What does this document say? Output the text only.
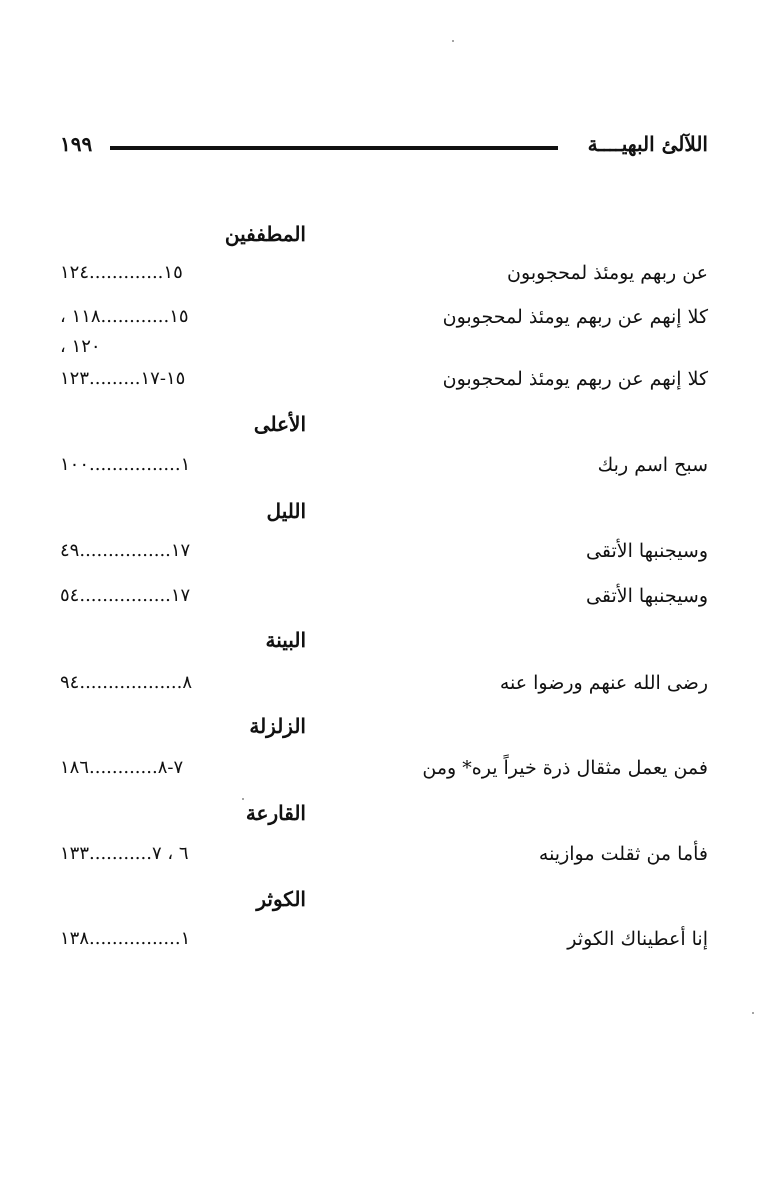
اللآلئ البهيــــة
١٩٩
المطففين
عن ربهم يومئذ لمحجوبون
١٥.............١٢٤
كلا إنهم عن ربهم يومئذ لمحجوبون
١٥............١١٨ ،
١٢٠ ،
كلا إنهم عن ربهم يومئذ لمحجوبون
١٥-١٧.........١٢٣
الأعلى
سبح اسم ربك
١................١٠٠
الليل
وسيجنبها الأتقى
١٧................٤٩
وسيجنبها الأتقى
١٧................٥٤
البينة
رضى الله عنهم ورضوا عنه
٨..................٩٤
الزلزلة
فمن يعمل مثقال ذرة خيراً يره* ومن
٧-٨............١٨٦
القارعة
فأما من ثقلت موازينه
٦ ، ٧...........١٣٣
الكوثر
إنا أعطيناك الكوثر
١................١٣٨
